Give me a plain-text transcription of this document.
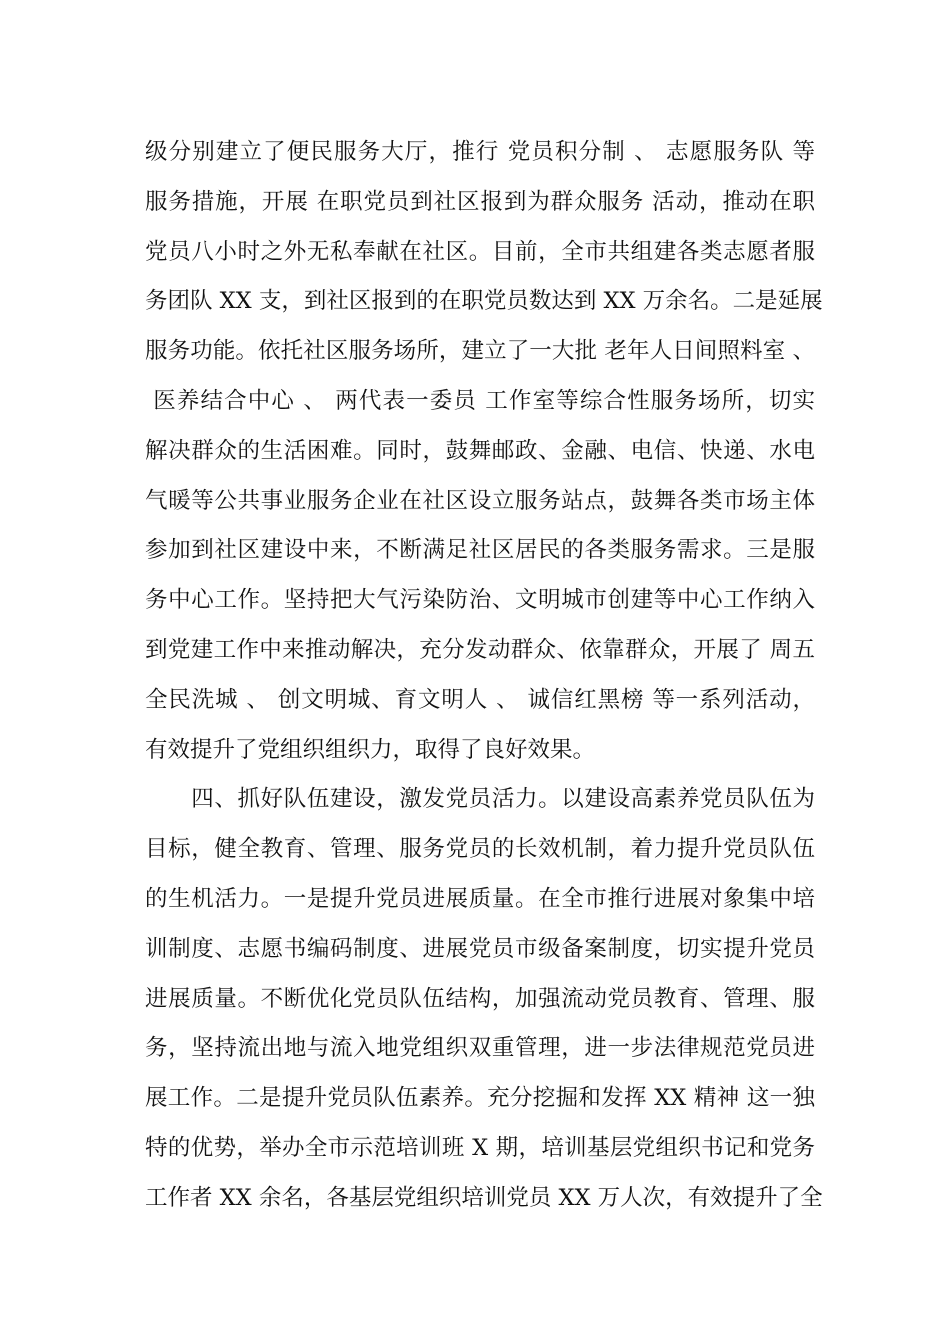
级分别建立了便民服务大厅，推行 党员积分制 、 志愿服务队 等
服务措施，开展 在职党员到社区报到为群众服务 活动，推动在职
党员八小时之外无私奉献在社区。目前，全市共组建各类志愿者服
务团队 XX 支，到社区报到的在职党员数达到 XX 万余名。二是延展
服务功能。依托社区服务场所，建立了一大批 老年人日间照料室 、
医养结合中心 、 两代表一委员 工作室等综合性服务场所，切实
解决群众的生活困难。同时，鼓舞邮政、金融、电信、快递、水电
气暖等公共事业服务企业在社区设立服务站点，鼓舞各类市场主体
参加到社区建设中来，不断满足社区居民的各类服务需求。三是服
务中心工作。坚持把大气污染防治、文明城市创建等中心工作纳入
到党建工作中来推动解决，充分发动群众、依靠群众，开展了 周五
全民洗城 、 创文明城、育文明人 、 诚信红黑榜 等一系列活动，
有效提升了党组织组织力，取得了良好效果。
　　四、抓好队伍建设，激发党员活力。以建设高素养党员队伍为
目标，健全教育、管理、服务党员的长效机制，着力提升党员队伍
的生机活力。一是提升党员进展质量。在全市推行进展对象集中培
训制度、志愿书编码制度、进展党员市级备案制度，切实提升党员
进展质量。不断优化党员队伍结构，加强流动党员教育、管理、服
务，坚持流出地与流入地党组织双重管理，进一步法律规范党员进
展工作。二是提升党员队伍素养。充分挖掘和发挥 XX 精神 这一独
特的优势，举办全市示范培训班 X 期，培训基层党组织书记和党务
工作者 XX 余名，各基层党组织培训党员 XX 万人次，有效提升了全
